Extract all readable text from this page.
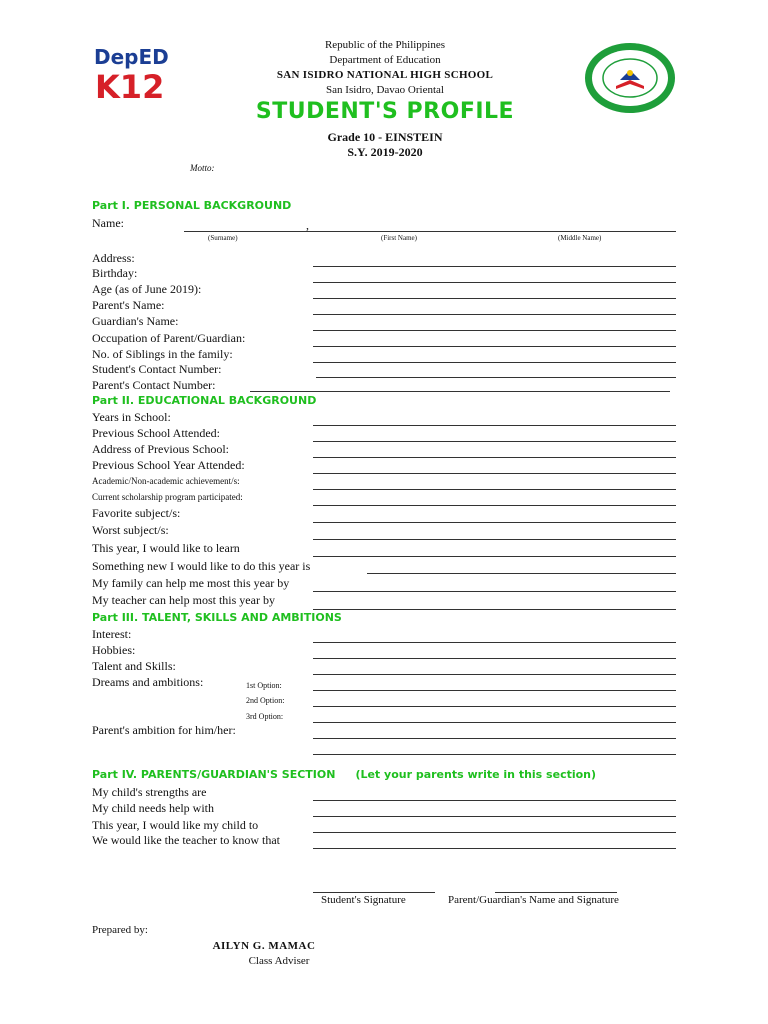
DepED
K12
Republic of the Philippines
Department of Education
SAN ISIDRO NATIONAL HIGH SCHOOL
San Isidro, Davao Oriental
STUDENT'S PROFILE
Grade 10 - EINSTEIN
S.Y. 2019-2020
Motto:
Part I. PERSONAL BACKGROUND
Name:	,
(Surname)	(First Name)	(Middle Name)
Address:
Birthday:
Age (as of June 2019):
Parent's Name:
Guardian's Name:
Occupation of Parent/Guardian:
No. of Siblings in the family:
Student's Contact Number:
Parent's Contact Number:
Part II. EDUCATIONAL BACKGROUND
Years in School:
Previous School Attended:
Address of Previous School:
Previous School Year Attended:
Academic/Non-academic achievement/s:
Current scholarship program participated:
Favorite subject/s:
Worst subject/s:
This year, I would like to learn
Something new I would like to do this year is
My family can help me most this year by
My teacher can help most this year by
Part III. TALENT, SKILLS AND AMBITIONS
Interest:
Hobbies:
Talent and Skills:
Dreams and ambitions:	1st Option:
2nd Option:
3rd Option:
Parent's ambition for him/her:
Part IV. PARENTS/GUARDIAN'S SECTION (Let your parents write in this section)
My child's strengths are
My child needs help with
This year, I would like my child to
We would like the teacher to know that
Student's Signature	Parent/Guardian's Name and Signature
Prepared by:
AILYN G. MAMAC
Class Adviser
